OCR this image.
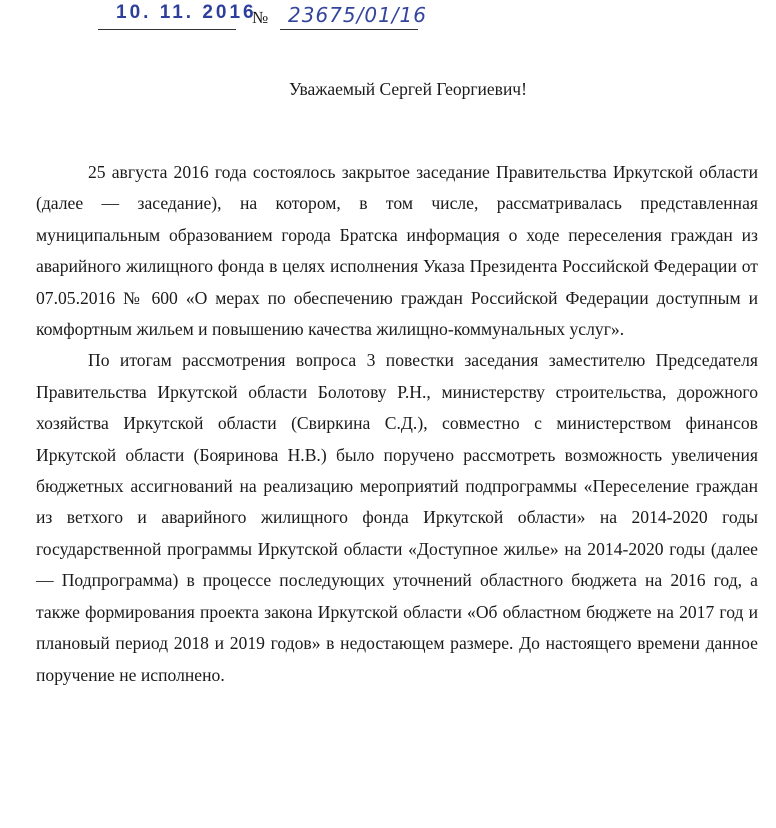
10. 11. 2016
№ 23675/01/16
Уважаемый Сергей Георгиевич!

25 августа 2016 года состоялось закрытое заседание Правительства Иркутской области (далее — заседание), на котором, в том числе, рассматривалась представленная муниципальным образованием города Братска информация о ходе переселения граждан из аварийного жилищного фонда в целях исполнения Указа Президента Российской Федерации от 07.05.2016 № 600 «О мерах по обеспечению граждан Российской Федерации доступным и комфортным жильем и повышению качества жилищно-коммунальных услуг».

По итогам рассмотрения вопроса 3 повестки заседания заместителю Председателя Правительства Иркутской области Болотову Р.Н., министерству строительства, дорожного хозяйства Иркутской области (Свиркина С.Д.), совместно с министерством финансов Иркутской области (Бояринова Н.В.) было поручено рассмотреть возможность увеличения бюджетных ассигнований на реализацию мероприятий подпрограммы «Переселение граждан из ветхого и аварийного жилищного фонда Иркутской области» на 2014-2020 годы государственной программы Иркутской области «Доступное жилье» на 2014-2020 годы (далее — Подпрограмма) в процессе последующих уточнений областного бюджета на 2016 год, а также формирования проекта закона Иркутской области «Об областном бюджете на 2017 год и плановый период 2018 и 2019 годов» в недостающем размере. До настоящего времени данное поручение не исполнено.
